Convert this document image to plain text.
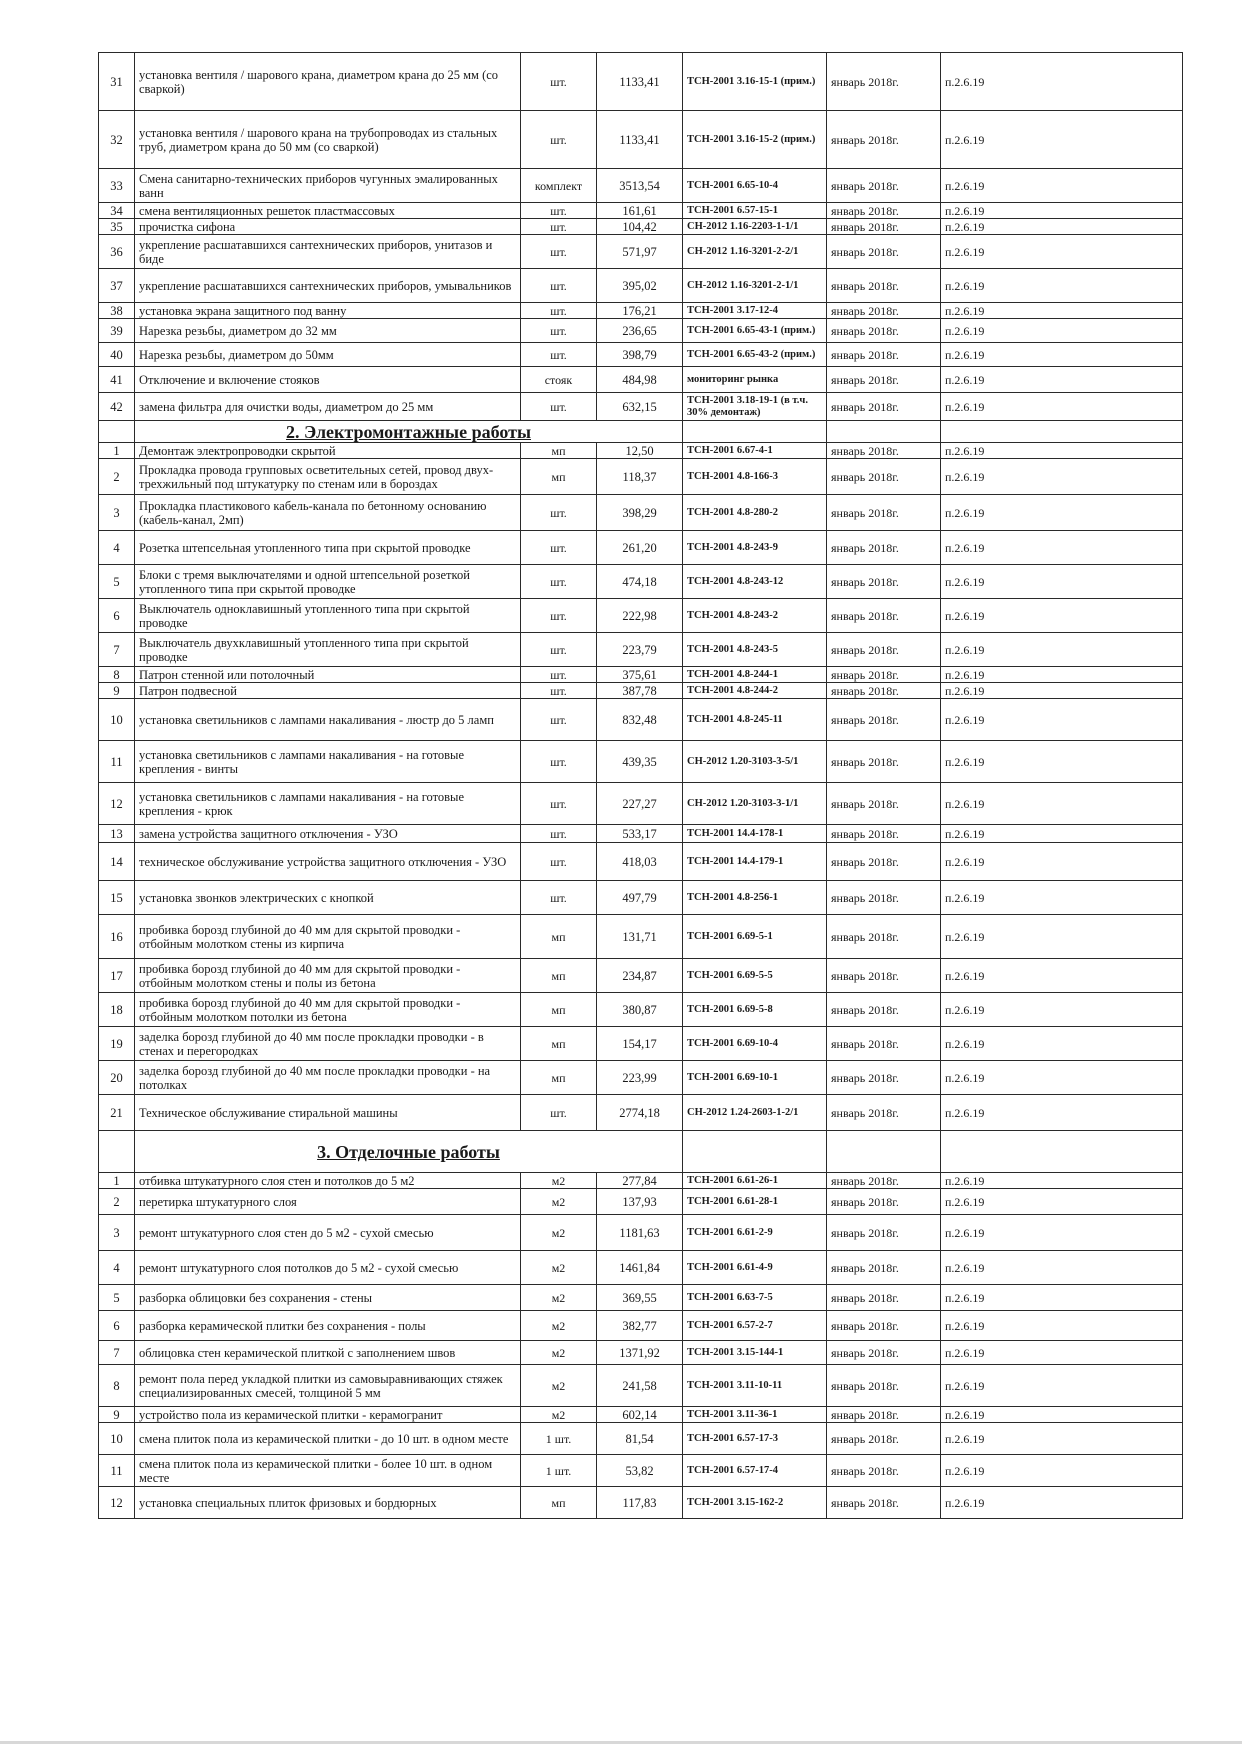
31	установка вентиля / шарового крана, диаметром крана до 25 мм (со сваркой)	шт.	1133,41	ТСН-2001 3.16-15-1 (прим.)	январь 2018г.	п.2.6.19
32	установка вентиля / шарового крана на трубопроводах из стальных труб, диаметром крана до 50 мм (со сваркой)	шт.	1133,41	ТСН-2001 3.16-15-2 (прим.)	январь 2018г.	п.2.6.19
33	Смена санитарно-технических приборов чугунных эмалированных ванн	комплект	3513,54	ТСН-2001 6.65-10-4	январь 2018г.	п.2.6.19
34	смена вентиляционных решеток пластмассовых	шт.	161,61	ТСН-2001 6.57-15-1	январь 2018г.	п.2.6.19
35	прочистка сифона	шт.	104,42	СН-2012 1.16-2203-1-1/1	январь 2018г.	п.2.6.19
36	укрепление расшатавшихся сантехнических приборов, унитазов и биде	шт.	571,97	СН-2012 1.16-3201-2-2/1	январь 2018г.	п.2.6.19
37	укрепление расшатавшихся сантехнических приборов, умывальников	шт.	395,02	СН-2012 1.16-3201-2-1/1	январь 2018г.	п.2.6.19
38	установка экрана защитного под ванну	шт.	176,21	ТСН-2001 3.17-12-4	январь 2018г.	п.2.6.19
39	Нарезка резьбы, диаметром до 32 мм	шт.	236,65	ТСН-2001 6.65-43-1 (прим.)	январь 2018г.	п.2.6.19
40	Нарезка резьбы, диаметром до 50мм	шт.	398,79	ТСН-2001 6.65-43-2 (прим.)	январь 2018г.	п.2.6.19
41	Отключение и включение стояков	стояк	484,98	мониторинг рынка	январь 2018г.	п.2.6.19
42	замена фильтра для очистки воды, диаметром до 25 мм	шт.	632,15	ТСН-2001 3.18-19-1 (в т.ч. 30% демонтаж)	январь 2018г.	п.2.6.19
	2. Электромонтажные работы					
1	Демонтаж электропроводки скрытой	мп	12,50	ТСН-2001 6.67-4-1	январь 2018г.	п.2.6.19
2	Прокладка провода групповых осветительных сетей, провод двух-трехжильный под штукатурку по стенам или в бороздах	мп	118,37	ТСН-2001 4.8-166-3	январь 2018г.	п.2.6.19
3	Прокладка пластикового кабель-канала по бетонному основанию (кабель-канал, 2мп)	шт.	398,29	ТСН-2001 4.8-280-2	январь 2018г.	п.2.6.19
4	Розетка штепсельная утопленного типа при скрытой проводке	шт.	261,20	ТСН-2001 4.8-243-9	январь 2018г.	п.2.6.19
5	Блоки с тремя выключателями и одной штепсельной розеткой утопленного типа при скрытой проводке	шт.	474,18	ТСН-2001 4.8-243-12	январь 2018г.	п.2.6.19
6	Выключатель одноклавишный утопленного типа при скрытой проводке	шт.	222,98	ТСН-2001 4.8-243-2	январь 2018г.	п.2.6.19
7	Выключатель двухклавишный утопленного типа при скрытой проводке	шт.	223,79	ТСН-2001 4.8-243-5	январь 2018г.	п.2.6.19
8	Патрон стенной или потолочный	шт.	375,61	ТСН-2001 4.8-244-1	январь 2018г.	п.2.6.19
9	Патрон подвесной	шт.	387,78	ТСН-2001 4.8-244-2	январь 2018г.	п.2.6.19
10	установка светильников с лампами накаливания - люстр до 5 ламп	шт.	832,48	ТСН-2001 4.8-245-11	январь 2018г.	п.2.6.19
11	установка светильников с лампами накаливания - на готовые крепления - винты	шт.	439,35	СН-2012 1.20-3103-3-5/1	январь 2018г.	п.2.6.19
12	установка светильников с лампами накаливания - на готовые крепления - крюк	шт.	227,27	СН-2012 1.20-3103-3-1/1	январь 2018г.	п.2.6.19
13	замена устройства защитного отключения - УЗО	шт.	533,17	ТСН-2001 14.4-178-1	январь 2018г.	п.2.6.19
14	техническое обслуживание устройства защитного отключения - УЗО	шт.	418,03	ТСН-2001 14.4-179-1	январь 2018г.	п.2.6.19
15	установка звонков электрических с кнопкой	шт.	497,79	ТСН-2001 4.8-256-1	январь 2018г.	п.2.6.19
16	пробивка борозд глубиной до 40 мм для скрытой проводки - отбойным молотком стены из кирпича	мп	131,71	ТСН-2001 6.69-5-1	январь 2018г.	п.2.6.19
17	пробивка борозд глубиной до 40 мм для скрытой проводки - отбойным молотком стены и полы из бетона	мп	234,87	ТСН-2001 6.69-5-5	январь 2018г.	п.2.6.19
18	пробивка борозд глубиной до 40 мм для скрытой проводки - отбойным молотком потолки из бетона	мп	380,87	ТСН-2001 6.69-5-8	январь 2018г.	п.2.6.19
19	заделка борозд глубиной до 40 мм после прокладки проводки - в стенах и перегородках	мп	154,17	ТСН-2001 6.69-10-4	январь 2018г.	п.2.6.19
20	заделка борозд глубиной до 40 мм после прокладки проводки - на потолках	мп	223,99	ТСН-2001 6.69-10-1	январь 2018г.	п.2.6.19
21	Техническое обслуживание стиральной машины	шт.	2774,18	СН-2012 1.24-2603-1-2/1	январь 2018г.	п.2.6.19
	3. Отделочные работы					
1	отбивка штукатурного слоя стен и потолков до 5 м2	м2	277,84	ТСН-2001 6.61-26-1	январь 2018г.	п.2.6.19
2	перетирка штукатурного слоя	м2	137,93	ТСН-2001 6.61-28-1	январь 2018г.	п.2.6.19
3	ремонт штукатурного слоя стен до 5 м2 - сухой смесью	м2	1181,63	ТСН-2001 6.61-2-9	январь 2018г.	п.2.6.19
4	ремонт штукатурного слоя потолков до 5 м2 - сухой смесью	м2	1461,84	ТСН-2001 6.61-4-9	январь 2018г.	п.2.6.19
5	разборка облицовки без сохранения - стены	м2	369,55	ТСН-2001 6.63-7-5	январь 2018г.	п.2.6.19
6	разборка керамической плитки без сохранения - полы	м2	382,77	ТСН-2001 6.57-2-7	январь 2018г.	п.2.6.19
7	облицовка стен керамической плиткой с заполнением швов	м2	1371,92	ТСН-2001 3.15-144-1	январь 2018г.	п.2.6.19
8	ремонт пола перед укладкой плитки из самовыравнивающих стяжек специализированных смесей, толщиной 5 мм	м2	241,58	ТСН-2001 3.11-10-11	январь 2018г.	п.2.6.19
9	устройство пола из керамической плитки - керамогранит	м2	602,14	ТСН-2001 3.11-36-1	январь 2018г.	п.2.6.19
10	смена плиток пола из керамической плитки - до 10 шт. в одном месте	1 шт.	81,54	ТСН-2001 6.57-17-3	январь 2018г.	п.2.6.19
11	смена плиток пола из керамической плитки - более 10 шт. в одном месте	1 шт.	53,82	ТСН-2001 6.57-17-4	январь 2018г.	п.2.6.19
12	установка специальных плиток фризовых и бордюрных	мп	117,83	ТСН-2001 3.15-162-2	январь 2018г.	п.2.6.19
